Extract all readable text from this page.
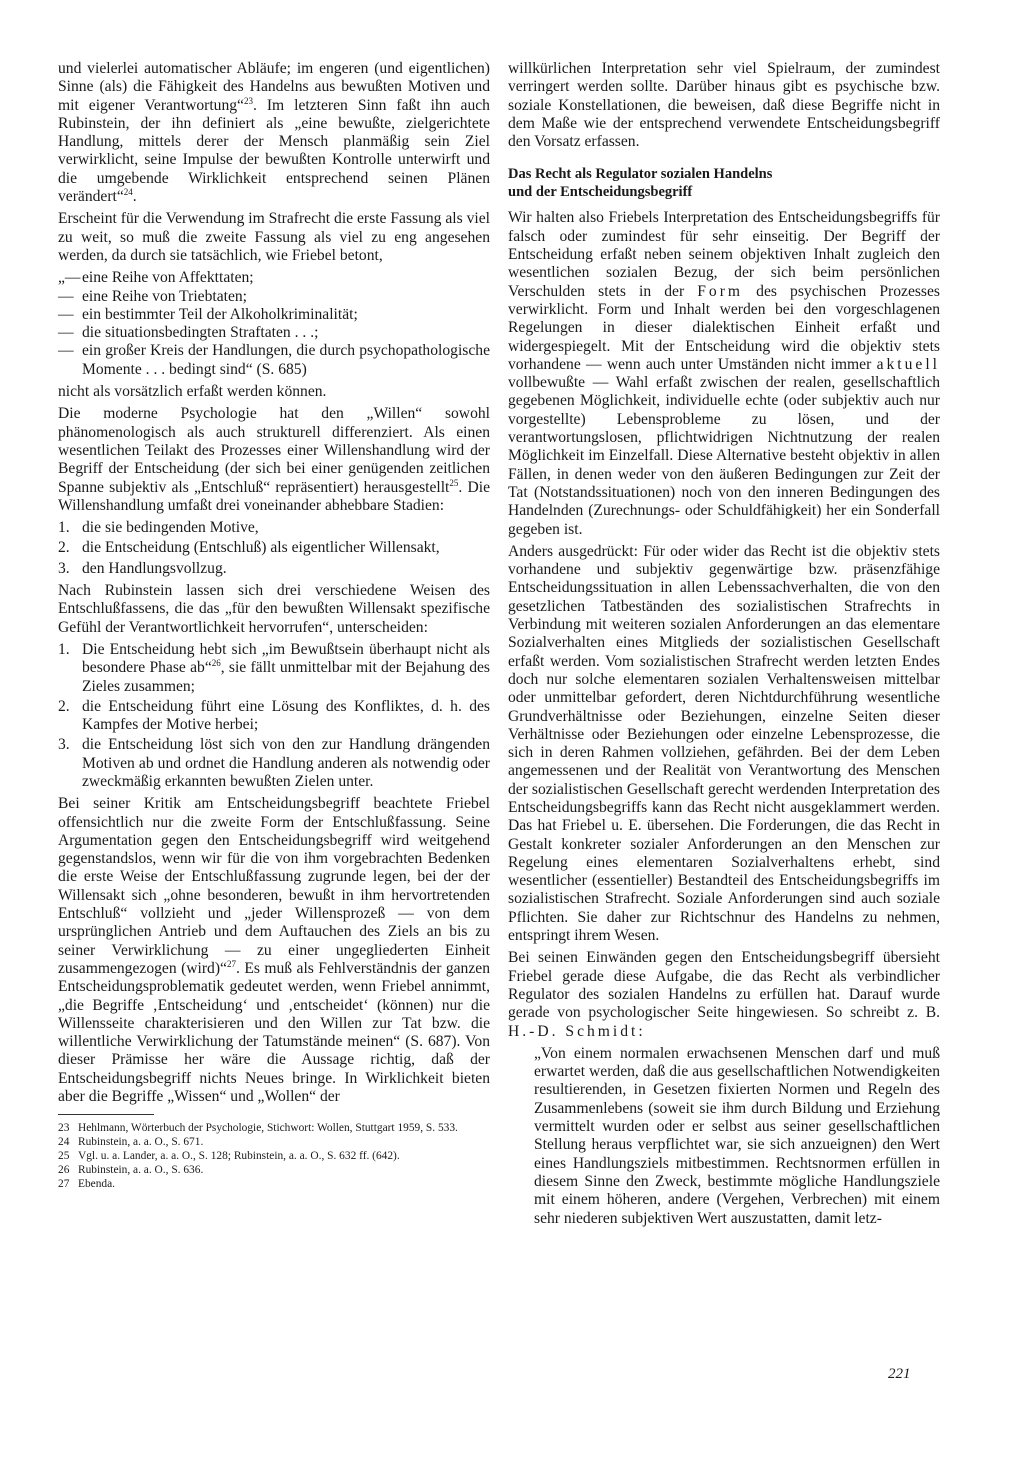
und vielerlei automatischer Abläufe; im engeren (und eigentlichen) Sinne (als) die Fähigkeit des Handelns aus bewußten Motiven und mit eigener Verantwortung“$^{23}$. Im letzteren Sinn faßt ihn auch Rubinstein, der ihn definiert als „eine bewußte, zielgerichtete Handlung, mittels derer der Mensch planmäßig sein Ziel verwirklicht, seine Impulse der bewußten Kontrolle unterwirft und die umgebende Wirklichkeit entsprechend seinen Plänen verändert“$^{24}$.

Erscheint für die Verwendung im Strafrecht die erste Fassung als viel zu weit, so muß die zweite Fassung als viel zu eng angesehen werden, da durch sie tatsächlich, wie Friebel betont,

„— eine Reihe von Affekttaten;
— eine Reihe von Triebtaten;
— ein bestimmter Teil der Alkoholkriminalität;
— die situationsbedingten Straftaten . . .;
— ein großer Kreis der Handlungen, die durch psychopathologische Momente . . . bedingt sind“ (S. 685)

nicht als vorsätzlich erfaßt werden können.

Die moderne Psychologie hat den „Willen“ sowohl phänomenologisch als auch strukturell differenziert. Als einen wesentlichen Teilakt des Prozesses einer Willenshandlung wird der Begriff der Entscheidung (der sich bei einer genügenden zeitlichen Spanne subjektiv als „Entschluß“ repräsentiert) herausgestellt$^{25}$. Die Willenshandlung umfaßt drei voneinander abhebbare Stadien:

1. die sie bedingenden Motive,
2. die Entscheidung (Entschluß) als eigentlicher Willensakt,
3. den Handlungsvollzug.

Nach Rubinstein lassen sich drei verschiedene Weisen des Entschlußfassens, die das „für den bewußten Willensakt spezifische Gefühl der Verantwortlichkeit hervorrufen“, unterscheiden:

1. Die Entscheidung hebt sich „im Bewußtsein überhaupt nicht als besondere Phase ab“$^{26}$, sie fällt unmittelbar mit der Bejahung des Zieles zusammen;
2. die Entscheidung führt eine Lösung des Konfliktes, d. h. des Kampfes der Motive herbei;
3. die Entscheidung löst sich von den zur Handlung drängenden Motiven ab und ordnet die Handlung anderen als notwendig oder zweckmäßig erkannten bewußten Zielen unter.

Bei seiner Kritik am Entscheidungsbegriff beachtete Friebel offensichtlich nur die zweite Form der Entschlußfassung. Seine Argumentation gegen den Entscheidungsbegriff wird weitgehend gegenstandslos, wenn wir für die von ihm vorgebrachten Bedenken die erste Weise der Entschlußfassung zugrunde legen, bei der der Willensakt sich „ohne besonderen, bewußt in ihm hervortretenden Entschluß“ vollzieht und „jeder Willensprozeß — von dem ursprünglichen Antrieb und dem Auftauchen des Ziels an bis zu seiner Verwirklichung — zu einer ungegliederten Einheit zusammengezogen (wird)“$^{27}$. Es muß als Fehlverständnis der ganzen Entscheidungsproblematik gedeutet werden, wenn Friebel annimmt, „die Begriffe ‚Entscheidung‘ und ‚entscheidet‘ (können) nur die Willensseite charakterisieren und den Willen zur Tat bzw. die willentliche Verwirklichung der Tatumstände meinen“ (S. 687). Von dieser Prämisse her wäre die Aussage richtig, daß der Entscheidungsbegriff nichts Neues bringe. In Wirklichkeit bieten aber die Begriffe „Wissen“ und „Wollen“ der

23 Hehlmann, Wörterbuch der Psychologie, Stichwort: Wollen, Stuttgart 1959, S. 533.

24 Rubinstein, a. a. O., S. 671.

25 Vgl. u. a. Lander, a. a. O., S. 128; Rubinstein, a. a. O., S. 632 ff. (642).

26 Rubinstein, a. a. O., S. 636.

27 Ebenda.

willkürlichen Interpretation sehr viel Spielraum, der zumindest verringert werden sollte. Darüber hinaus gibt es psychische bzw. soziale Konstellationen, die beweisen, daß diese Begriffe nicht in dem Maße wie der entsprechend verwendete Entscheidungsbegriff den Vorsatz erfassen.

Das Recht als Regulator sozialen Handelns
und der Entscheidungsbegriff

Wir halten also Friebels Interpretation des Entscheidungsbegriffs für falsch oder zumindest für sehr einseitig. Der Begriff der Entscheidung erfaßt neben seinem objektiven Inhalt zugleich den wesentlichen sozialen Bezug, der sich beim persönlichen Verschulden stets in der Form des psychischen Prozesses verwirklicht. Form und Inhalt werden bei den vorgeschlagenen Regelungen in dieser dialektischen Einheit erfaßt und widergespiegelt. Mit der Entscheidung wird die objektiv stets vorhandene — wenn auch unter Umständen nicht immer aktuell vollbewußte — Wahl erfaßt zwischen der realen, gesellschaftlich gegebenen Möglichkeit, individuelle echte (oder subjektiv auch nur vorgestellte) Lebensprobleme zu lösen, und der verantwortungslosen, pflichtwidrigen Nichtnutzung der realen Möglichkeit im Einzelfall. Diese Alternative besteht objektiv in allen Fällen, in denen weder von den äußeren Bedingungen zur Zeit der Tat (Notstandssituationen) noch von den inneren Bedingungen des Handelnden (Zurechnungs- oder Schuldfähigkeit) her ein Sonderfall gegeben ist.

Anders ausgedrückt: Für oder wider das Recht ist die objektiv stets vorhandene und subjektiv gegenwärtige bzw. präsenzfähige Entscheidungssituation in allen Lebenssachverhalten, die von den gesetzlichen Tatbeständen des sozialistischen Strafrechts in Verbindung mit weiteren sozialen Anforderungen an das elementare Sozialverhalten eines Mitglieds der sozialistischen Gesellschaft erfaßt werden. Vom sozialistischen Strafrecht werden letzten Endes doch nur solche elementaren sozialen Verhaltensweisen mittelbar oder unmittelbar gefordert, deren Nichtdurchführung wesentliche Grundverhältnisse oder Beziehungen, einzelne Seiten dieser Verhältnisse oder Beziehungen oder einzelne Lebensprozesse, die sich in deren Rahmen vollziehen, gefährden. Bei der dem Leben angemessenen und der Realität von Verantwortung des Menschen der sozialistischen Gesellschaft gerecht werdenden Interpretation des Entscheidungsbegriffs kann das Recht nicht ausgeklammert werden. Das hat Friebel u. E. übersehen. Die Forderungen, die das Recht in Gestalt konkreter sozialer Anforderungen an den Menschen zur Regelung eines elementaren Sozialverhaltens erhebt, sind wesentlicher (essentieller) Bestandteil des Entscheidungsbegriffs im sozialistischen Strafrecht. Soziale Anforderungen sind auch soziale Pflichten. Sie daher zur Richtschnur des Handelns zu nehmen, entspringt ihrem Wesen.

Bei seinen Einwänden gegen den Entscheidungsbegriff übersieht Friebel gerade diese Aufgabe, die das Recht als verbindlicher Regulator des sozialen Handelns zu erfüllen hat. Darauf wurde gerade von psychologischer Seite hingewiesen. So schreibt z. B. H.-D. Schmidt:

„Von einem normalen erwachsenen Menschen darf und muß erwartet werden, daß die aus gesellschaftlichen Notwendigkeiten resultierenden, in Gesetzen fixierten Normen und Regeln des Zusammenlebens (soweit sie ihm durch Bildung und Erziehung vermittelt wurden oder er selbst aus seiner gesellschaftlichen Stellung heraus verpflichtet war, sie sich anzueignen) den Wert eines Handlungsziels mitbestimmen. Rechtsnormen erfüllen in diesem Sinne den Zweck, bestimmte mögliche Handlungsziele mit einem höheren, andere (Vergehen, Verbrechen) mit einem sehr niederen subjektiven Wert auszustatten, damit letz-

221
